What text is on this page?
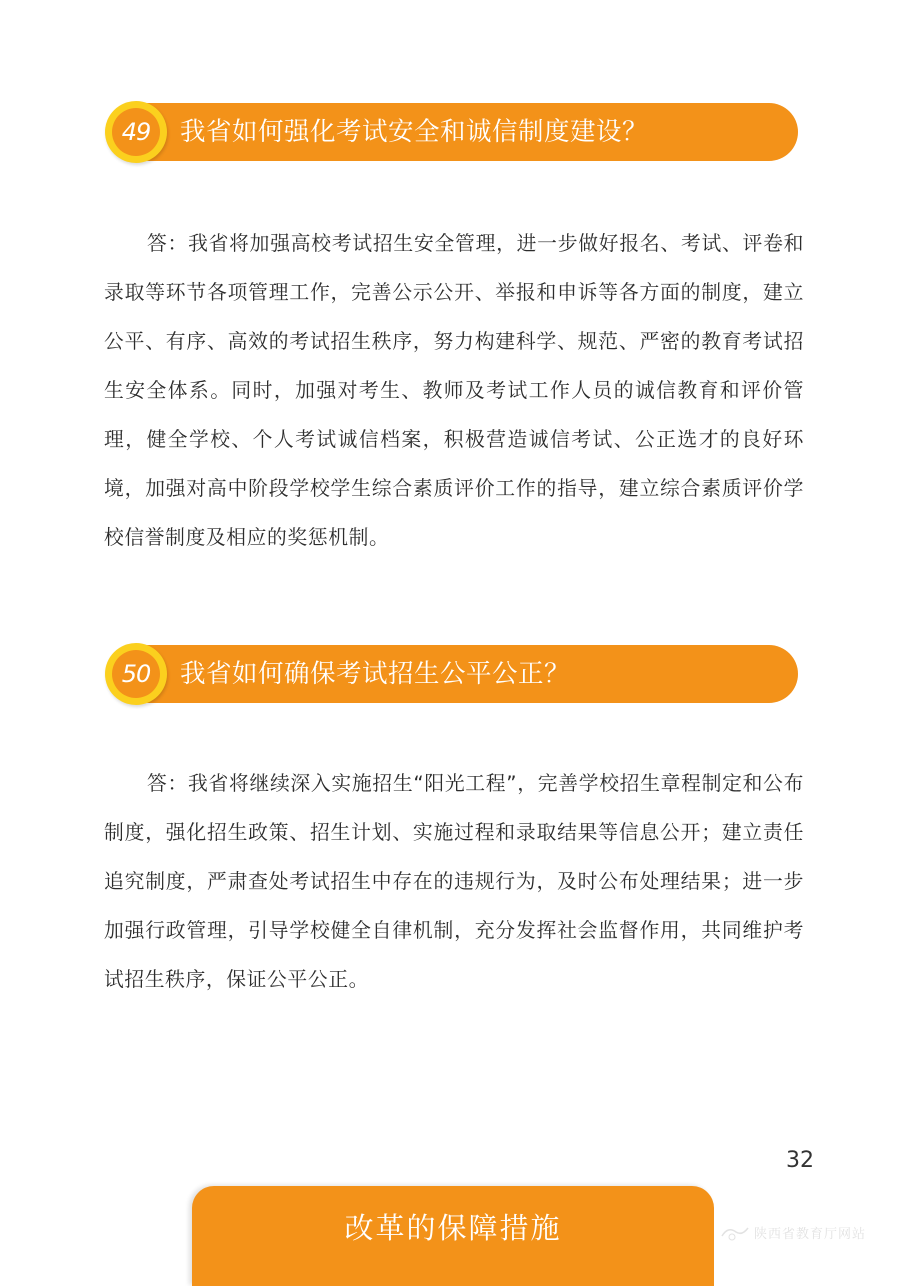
49	我省如何强化考试安全和诚信制度建设？

答：我省将加强高校考试招生安全管理，进一步做好报名、考试、评卷和录取等环节各项管理工作，完善公示公开、举报和申诉等各方面的制度，建立公平、有序、高效的考试招生秩序，努力构建科学、规范、严密的教育考试招生安全体系。同时，加强对考生、教师及考试工作人员的诚信教育和评价管理，健全学校、个人考试诚信档案，积极营造诚信考试、公正选才的良好环境，加强对高中阶段学校学生综合素质评价工作的指导，建立综合素质评价学校信誉制度及相应的奖惩机制。

50	我省如何确保考试招生公平公正？

答：我省将继续深入实施招生“阳光工程”，完善学校招生章程制定和公布制度，强化招生政策、招生计划、实施过程和录取结果等信息公开；建立责任追究制度，严肃查处考试招生中存在的违规行为，及时公布处理结果；进一步加强行政管理，引导学校健全自律机制，充分发挥社会监督作用，共同维护考试招生秩序，保证公平公正。

32
改革的保障措施	陕西省教育厅网站
